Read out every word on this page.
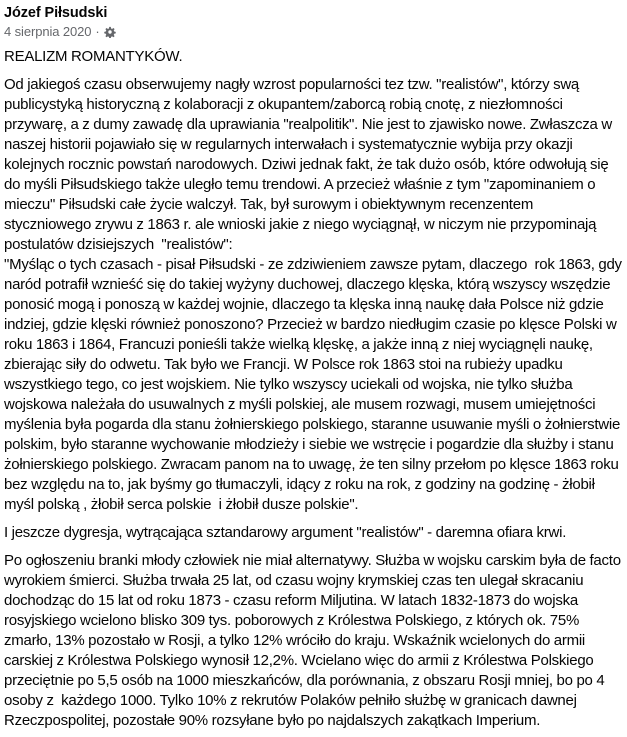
Józef Piłsudski
4 sierpnia 2020 ·
REALIZM ROMANTYKÓW.
Od jakiegoś czasu obserwujemy nagły wzrost popularności tez tzw. "realistów", którzy swą publicystyką historyczną z kolaboracji z okupantem/zaborcą robią cnotę, z niezłomności przywarę, a z dumy zawadę dla uprawiania "realpolitik". Nie jest to zjawisko nowe. Zwłaszcza w naszej historii pojawiało się w regularnych interwałach i systematycznie wybija przy okazji kolejnych rocznic powstań narodowych. Dziwi jednak fakt, że tak dużo osób, które odwołują się do myśli Piłsudskiego także uległo temu trendowi. A przecież właśnie z tym "zapominaniem o mieczu" Piłsudski całe życie walczył. Tak, był surowym i obiektywnym recenzentem styczniowego zrywu z 1863 r. ale wnioski jakie z niego wyciągnął, w niczym nie przypominają postulatów dzisiejszych  "realistów":
"Myśląc o tych czasach - pisał Piłsudski - ze zdziwieniem zawsze pytam, dlaczego  rok 1863, gdy naród potrafił wznieść się do takiej wyżyny duchowej, dlaczego klęska, którą wszyscy wszędzie ponosić mogą i ponoszą w każdej wojnie, dlaczego ta klęska inną naukę dała Polsce niż gdzie indziej, gdzie klęski również ponoszono? Przecież w bardzo niedługim czasie po klęsce Polski w roku 1863 i 1864, Francuzi ponieśli także wielką klęskę, a jakże inną z niej wyciągnęli naukę, zbierając siły do odwetu. Tak było we Francji. W Polsce rok 1863 stoi na rubieży upadku wszystkiego tego, co jest wojskiem. Nie tylko wszyscy uciekali od wojska, nie tylko służba wojskowa należała do usuwalnych z myśli polskiej, ale musem rozwagi, musem umiejętności myślenia była pogarda dla stanu żołnierskiego polskiego, staranne usuwanie myśli o żołnierstwie polskim, było staranne wychowanie młodzieży i siebie we wstręcie i pogardzie dla służby i stanu żołnierskiego polskiego. Zwracam panom na to uwagę, że ten silny przełom po klęsce 1863 roku bez względu na to, jak byśmy go tłumaczyli, idący z roku na rok, z godziny na godzinę - żłobił myśl polską , żłobił serca polskie  i żłobił dusze polskie".
I jeszcze dygresja, wytrącająca sztandarowy argument "realistów" - daremna ofiara krwi.
Po ogłoszeniu branki młody człowiek nie miał alternatywy. Służba w wojsku carskim była de facto wyrokiem śmierci. Służba trwała 25 lat, od czasu wojny krymskiej czas ten ulegał skracaniu dochodząc do 15 lat od roku 1873 - czasu reform Miljutina. W latach 1832-1873 do wojska rosyjskiego wcielono blisko 309 tys. poborowych z Królestwa Polskiego, z których ok. 75% zmarło, 13% pozostało w Rosji, a tylko 12% wróciło do kraju. Wskaźnik wcielonych do armii carskiej z Królestwa Polskiego wynosił 12,2%. Wcielano więc do armii z Królestwa Polskiego przeciętnie po 5,5 osób na 1000 mieszkańców, dla porównania, z obszaru Rosji mniej, bo po 4 osoby z  każdego 1000. Tylko 10% z rekrutów Polaków pełniło służbę w granicach dawnej Rzeczpospolitej, pozostałe 90% rozsyłane było po najdalszych zakątkach Imperium.
